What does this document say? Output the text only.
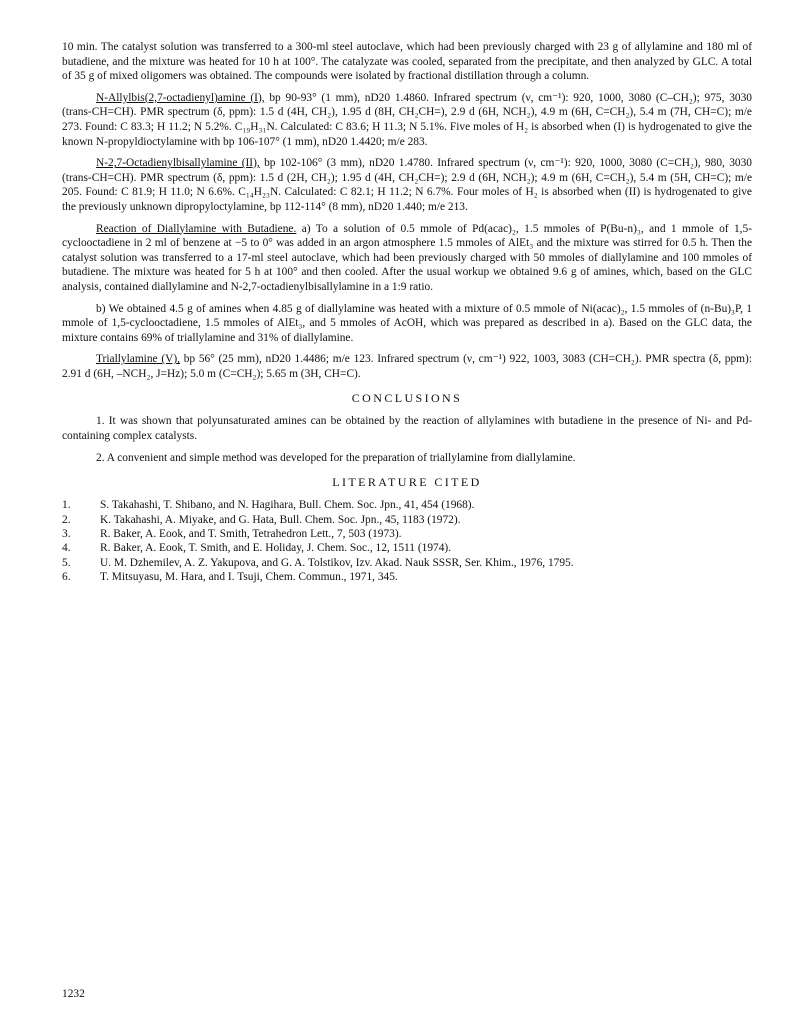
10 min. The catalyst solution was transferred to a 300-ml steel autoclave, which had been previously charged with 23 g of allylamine and 180 ml of butadiene, and the mixture was heated for 10 h at 100°. The catalyzate was cooled, separated from the precipitate, and then analyzed by GLC. A total of 35 g of mixed oligomers was obtained. The compounds were isolated by fractional distillation through a column.

N-Allylbis(2,7-octadienyl)amine (I), bp 90-93° (1 mm), nD20 1.4860. Infrared spectrum (ν, cm⁻¹): 920, 1000, 3080 (C–CH₂); 975, 3030 (trans-CH=CH). PMR spectrum (δ, ppm): 1.5 d (4H, CH₂), 1.95 d (8H, CH₂CH=), 2.9 d (6H, NCH₂), 4.9 m (6H, C=CH₂), 5.4 m (7H, CH=C); m/e 273. Found: C 83.3; H 11.2; N 5.2%. C₁₉H₃₁N. Calculated: C 83.6; H 11.3; N 5.1%. Five moles of H₂ is absorbed when (I) is hydrogenated to give the known N-propyldioctylamine with bp 106-107° (1 mm), nD20 1.4420; m/e 283.

N-2,7-Octadienylbisallylamine (II), bp 102-106° (3 mm), nD20 1.4780. Infrared spectrum (ν, cm⁻¹): 920, 1000, 3080 (C=CH₂), 980, 3030 (trans-CH=CH). PMR spectrum (δ, ppm): 1.5 d (2H, CH₂); 1.95 d (4H, CH₂CH=); 2.9 d (6H, NCH₂); 4.9 m (6H, C=CH₂), 5.4 m (5H, CH=C); m/e 205. Found: C 81.9; H 11.0; N 6.6%. C₁₄H₂₃N. Calculated: C 82.1; H 11.2; N 6.7%. Four moles of H₂ is absorbed when (II) is hydrogenated to give the previously unknown dipropyloctylamine, bp 112-114° (8 mm), nD20 1.440; m/e 213.

Reaction of Diallylamine with Butadiene. a) To a solution of 0.5 mmole of Pd(acac)₂, 1.5 mmoles of P(Bu-n)₃, and 1 mmole of 1,5-cyclooctadiene in 2 ml of benzene at −5 to 0° was added in an argon atmosphere 1.5 mmoles of AlEt₃ and the mixture was stirred for 0.5 h. Then the catalyst solution was transferred to a 17-ml steel autoclave, which had been previously charged with 50 mmoles of diallylamine and 100 mmoles of butadiene. The mixture was heated for 5 h at 100° and then cooled. After the usual workup we obtained 9.6 g of amines, which, based on the GLC analysis, contained diallylamine and N-2,7-octadienylbisallylamine in a 1:9 ratio.

b) We obtained 4.5 g of amines when 4.85 g of diallylamine was heated with a mixture of 0.5 mmole of Ni(acac)₂, 1.5 mmoles of (n-Bu)₃P, 1 mmole of 1,5-cyclooctadiene, 1.5 mmoles of AlEt₃, and 5 mmoles of AcOH, which was prepared as described in a). Based on the GLC data, the mixture contains 69% of triallylamine and 31% of diallylamine.

Triallylamine (V), bp 56° (25 mm), nD20 1.4486; m/e 123. Infrared spectrum (ν, cm⁻¹) 922, 1003, 3083 (CH=CH₂). PMR spectra (δ, ppm): 2.91 d (6H, –NCH₂, J=Hz); 5.0 m (C=CH₂); 5.65 m (3H, CH=C).

CONCLUSIONS

1. It was shown that polyunsaturated amines can be obtained by the reaction of allylamines with butadiene in the presence of Ni- and Pd-containing complex catalysts.

2. A convenient and simple method was developed for the preparation of triallylamine from diallylamine.

LITERATURE CITED
1.	S. Takahashi, T. Shibano, and N. Hagihara, Bull. Chem. Soc. Jpn., 41, 454 (1968).
2.	K. Takahashi, A. Miyake, and G. Hata, Bull. Chem. Soc. Jpn., 45, 1183 (1972).
3.	R. Baker, A. Eook, and T. Smith, Tetrahedron Lett., 7, 503 (1973).
4.	R. Baker, A. Eook, T. Smith, and E. Holiday, J. Chem. Soc., 12, 1511 (1974).
5.	U. M. Dzhemilev, A. Z. Yakupova, and G. A. Tolstikov, Izv. Akad. Nauk SSSR, Ser. Khim., 1976, 1795.
6.	T. Mitsuyasu, M. Hara, and I. Tsuji, Chem. Commun., 1971, 345.
1232
